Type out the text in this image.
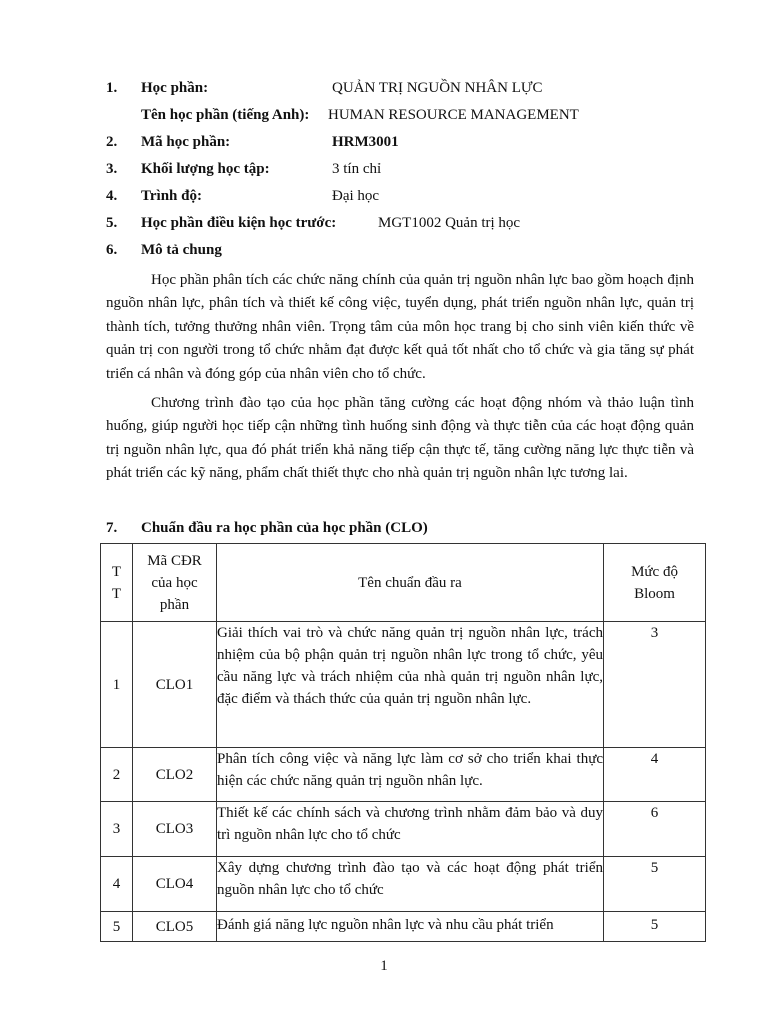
1.	Học phần:	QUẢN TRỊ NGUỒN NHÂN LỰC
Tên học phần (tiếng Anh): HUMAN RESOURCE MANAGEMENT
2.	Mã học phần:	HRM3001
3.	Khối lượng học tập:	3 tín chỉ
4.	Trình độ:	Đại học
5.	Học phần điều kiện học trước:	MGT1002 Quản trị học
6.	Mô tả chung

Học phần phân tích các chức năng chính của quản trị nguồn nhân lực bao gồm hoạch định nguồn nhân lực, phân tích và thiết kế công việc, tuyển dụng, phát triển nguồn nhân lực, quản trị thành tích, tưởng thưởng nhân viên. Trọng tâm của môn học trang bị cho sinh viên kiến thức về quản trị con người trong tổ chức nhằm đạt được kết quả tốt nhất cho tổ chức và gia tăng sự phát triển cá nhân và đóng góp của nhân viên cho tổ chức.

Chương trình đào tạo của học phần tăng cường các hoạt động nhóm và thảo luận tình huống, giúp người học tiếp cận những tình huống sinh động và thực tiễn của các hoạt động quản trị nguồn nhân lực, qua đó phát triển khả năng tiếp cận thực tế, tăng cường năng lực thực tiễn và phát triển các kỹ năng, phẩm chất thiết thực cho nhà quản trị nguồn nhân lực tương lai.

7.	Chuẩn đầu ra học phần của học phần (CLO)
T T	Mã CĐR của học phần	Tên chuẩn đầu ra	Mức độ Bloom

1	CLO1	Giải thích vai trò và chức năng quản trị nguồn nhân lực, trách nhiệm của bộ phận quản trị nguồn nhân lực trong tổ chức, yêu cầu năng lực và trách nhiệm của nhà quản trị nguồn nhân lực, đặc điểm và thách thức của quản trị nguồn nhân lực.	3
2	CLO2	Phân tích công việc và năng lực làm cơ sở cho triển khai thực hiện các chức năng quản trị nguồn nhân lực.	4
3	CLO3	Thiết kế các chính sách và chương trình nhằm đảm bảo và duy trì nguồn nhân lực cho tổ chức	6
4	CLO4	Xây dựng chương trình đào tạo và các hoạt động phát triển nguồn nhân lực cho tổ chức	5
5	CLO5	Đánh giá năng lực nguồn nhân lực và nhu cầu phát triển	5
1
